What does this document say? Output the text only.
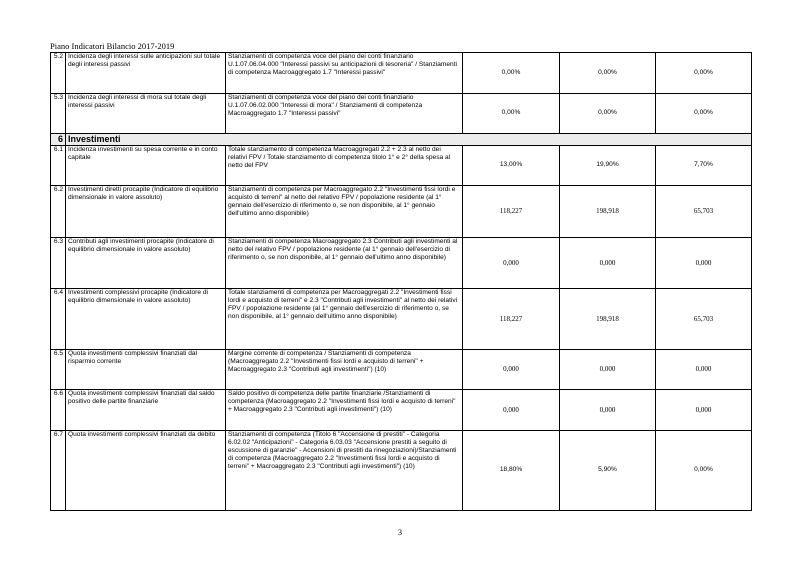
Piano Indicatori Bilancio 2017-2019
5.2	Incidenza degli interessi sulle anticipazioni sul totale degli interessi passivi	Stanziamenti di competenza voce del piano dei conti finanziario U.1.07.06.04.000 "Interessi passivi su anticipazioni di tesoreria" / Stanziamenti di competenza Macroaggregato 1.7 "Interessi passivi"	0,00%	0,00%	0,00%
5.3	Incidenza degli interessi di mora sul totale degli interessi passivi	Stanziamenti di competenza voce del piano dei conti finanziario U.1.07.06.02.000 "Interessi di mora" / Stanziamenti di competenza Macroaggregato 1.7 "Interessi passivi"	0,00%	0,00%	0,00%
6	Investimenti				
6.1	Incidenza investimenti su spesa corrente e in conto capitale	Totale stanziamento di competenza Macroaggregati 2.2 + 2.3 al netto dei relativi FPV / Totale stanziamento di competenza titolo 1° e 2° della spesa al netto del FPV	13,00%	19,90%	7,70%
6.2	Investimenti diretti procapite (Indicatore di equilibrio dimensionale in valore assoluto)	Stanziamenti di competenza per Macroaggregato 2.2 "Investimenti fissi lordi e acquisto di terreni" al netto del relativo FPV / popolazione residente (al 1° gennaio dell'esercizio di riferimento o, se non disponibile, al 1° gennaio dell'ultimo anno disponibile)	118,227	198,918	65,703
6.3	Contributi agli investimenti procapite (Indicatore di equilibrio dimensionale in valore assoluto)	Stanziamenti di competenza Macroaggregato 2.3 Contributi agli investimenti al netto del relativo FPV / popolazione residente (al 1° gennaio dell'esercizio di riferimento o, se non disponibile, al 1° gennaio dell'ultimo anno disponibile)	0,000	0,000	0,000
6.4	Investimenti complessivi procapite (Indicatore di equilibrio dimensionale in valore assoluto)	Totale stanziamenti di competenza per Macroaggregati 2.2 "Investimenti fissi lordi e acquisto di terreni" e 2.3 "Contributi agli investimenti" al netto dei relativi FPV / popolazione residente (al 1° gennaio dell'esercizio di riferimento o, se non disponibile, al 1° gennaio dell'ultimo anno disponibile)	118,227	198,918	65,703
6.5	Quota investimenti complessivi finanziati dal risparmio corrente	Margine corrente di competenza / Stanziamenti di competenza (Macroaggregato 2.2 "Investimenti fissi lordi e acquisto di terreni" + Macroaggregato 2.3 "Contributi agli investimenti") (10)	0,000	0,000	0,000
6.6	Quota investimenti complessivi finanziati dal saldo positivo delle partite finanziarie	Saldo positivo di competenza delle partite finanziarie /Stanziamenti di competenza (Macroaggregato 2.2 "Investimenti fissi lordi e acquisto di terreni" + Macroaggregato 2.3 "Contributi agli investimenti") (10)	0,000	0,000	0,000
6.7	Quota investimenti complessivi finanziati da debito	Stanziamenti di competenza (Titolo 6 "Accensione di prestiti" - Categoria 6.02.02 "Anticipazioni" - Categoria 6.03.03 "Accensione prestiti a seguito di escussione di garanzie" - Accensioni di prestiti da rinegoziazioni)/Stanziamenti di competenza (Macroaggregato 2.2 "Investimenti fissi lordi e acquisto di terreni" + Macroaggregato 2.3 "Contributi agli investimenti") (10)	18,80%	5,90%	0,00%
3
